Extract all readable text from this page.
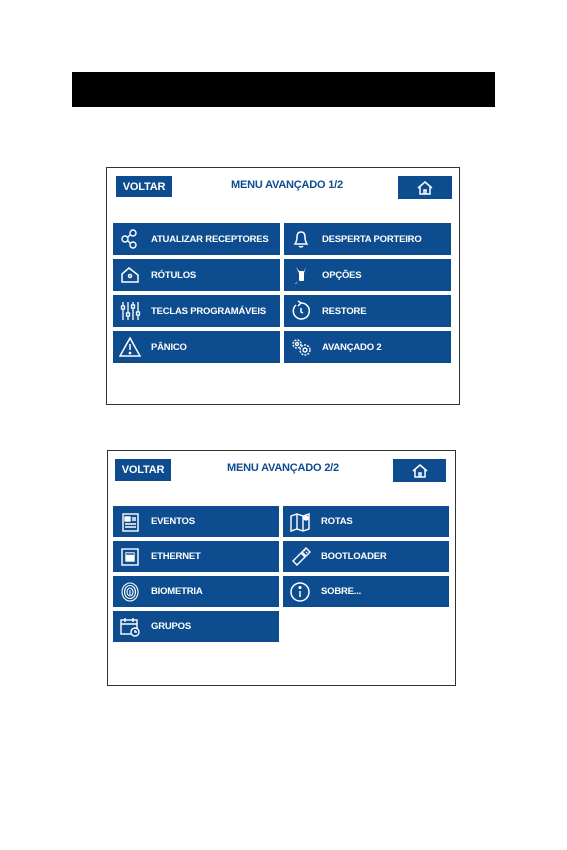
VOLTAR	MENU AVANÇADO 1/2
ATUALIZAR RECEPTORES	DESPERTA PORTEIRO
RÓTULOS	OPÇÕES
TECLAS PROGRAMÁVEIS	RESTORE
PÂNICO	AVANÇADO 2
VOLTAR	MENU AVANÇADO 2/2
EVENTOS	ROTAS
ETHERNET	BOOTLOADER
BIOMETRIA	SOBRE...
GRUPOS
